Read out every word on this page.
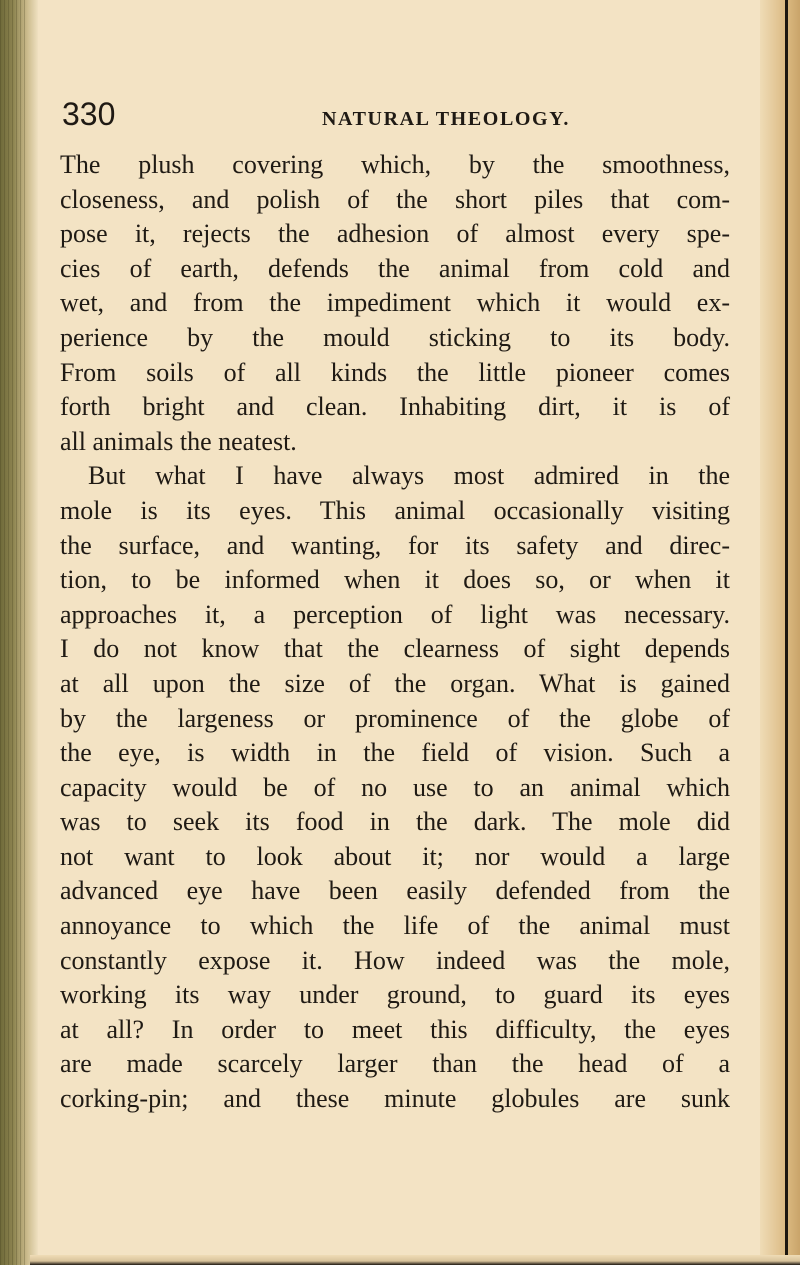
330	NATURAL THEOLOGY.
The plush covering which, by the smoothness,
closeness, and polish of the short piles that com-
pose it, rejects the adhesion of almost every spe-
cies of earth, defends the animal from cold and
wet, and from the impediment which it would ex-
perience by the mould sticking to its body.
From soils of all kinds the little pioneer comes
forth bright and clean. Inhabiting dirt, it is of
all animals the neatest.
But what I have always most admired in the
mole is its eyes. This animal occasionally visiting
the surface, and wanting, for its safety and direc-
tion, to be informed when it does so, or when it
approaches it, a perception of light was necessary.
I do not know that the clearness of sight depends
at all upon the size of the organ. What is gained
by the largeness or prominence of the globe of
the eye, is width in the field of vision. Such a
capacity would be of no use to an animal which
was to seek its food in the dark. The mole did
not want to look about it; nor would a large
advanced eye have been easily defended from the
annoyance to which the life of the animal must
constantly expose it. How indeed was the mole,
working its way under ground, to guard its eyes
at all? In order to meet this difficulty, the eyes
are made scarcely larger than the head of a
corking-pin; and these minute globules are sunk
